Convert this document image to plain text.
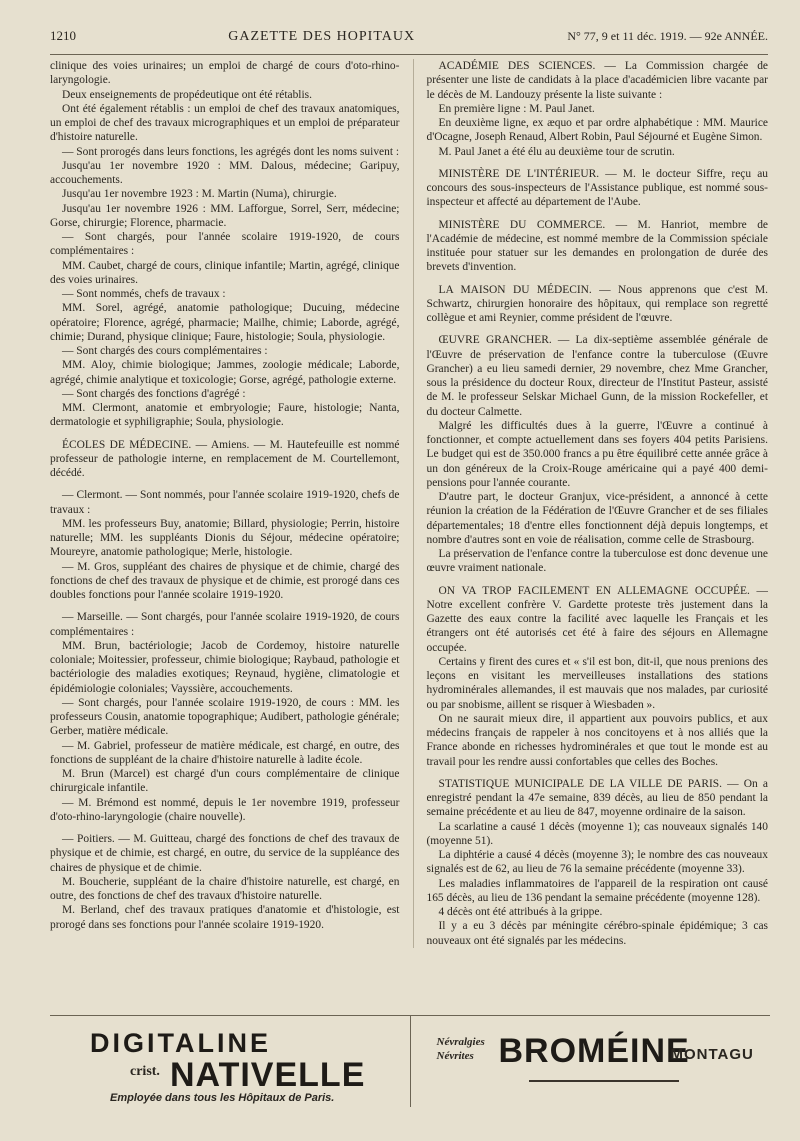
1210	GAZETTE DES HOPITAUX	N° 77, 9 et 11 déc. 1919. — 92e ANNÉE.

clinique des voies urinaires; un emploi de chargé de cours d'oto-rhino-laryngologie.

Deux enseignements de propédeutique ont été rétablis.

Ont été également rétablis : un emploi de chef des travaux anatomiques, un emploi de chef des travaux micrographiques et un emploi de préparateur d'histoire naturelle.

— Sont prorogés dans leurs fonctions, les agrégés dont les noms suivent :

Jusqu'au 1er novembre 1920 : MM. Dalous, médecine; Garipuy, accouchements.

Jusqu'au 1er novembre 1923 : M. Martin (Numa), chirurgie.

Jusqu'au 1er novembre 1926 : MM. Lafforgue, Sorrel, Serr, médecine; Gorse, chirurgie; Florence, pharmacie.

— Sont chargés, pour l'année scolaire 1919-1920, de cours complémentaires :

MM. Caubet, chargé de cours, clinique infantile; Martin, agrégé, clinique des voies urinaires.

— Sont nommés, chefs de travaux :

MM. Sorel, agrégé, anatomie pathologique; Ducuing, médecine opératoire; Florence, agrégé, pharmacie; Mailhe, chimie; Laborde, agrégé, chimie; Durand, physique clinique; Faure, histologie; Soula, physiologie.

— Sont chargés des cours complémentaires :

MM. Aloy, chimie biologique; Jammes, zoologie médicale; Laborde, agrégé, chimie analytique et toxicologie; Gorse, agrégé, pathologie externe.

— Sont chargés des fonctions d'agrégé :

MM. Clermont, anatomie et embryologie; Faure, histologie; Nanta, dermatologie et syphiligraphie; Soula, physiologie.

ÉCOLES DE MÉDECINE. — Amiens. — M. Hautefeuille est nommé professeur de pathologie interne, en remplacement de M. Courtellemont, décédé.

— Clermont. — Sont nommés, pour l'année scolaire 1919-1920, chefs de travaux :

MM. les professeurs Buy, anatomie; Billard, physiologie; Perrin, histoire naturelle; MM. les suppléants Dionis du Séjour, médecine opératoire; Moureyre, anatomie pathologique; Merle, histologie.

— M. Gros, suppléant des chaires de physique et de chimie, chargé des fonctions de chef des travaux de physique et de chimie, est prorogé dans ces doubles fonctions pour l'année scolaire 1919-1920.

— Marseille. — Sont chargés, pour l'année scolaire 1919-1920, de cours complémentaires :

MM. Brun, bactériologie; Jacob de Cordemoy, histoire naturelle coloniale; Moitessier, professeur, chimie biologique; Raybaud, pathologie et bactériologie des maladies exotiques; Reynaud, hygiène, climatologie et épidémiologie coloniales; Vayssière, accouchements.

— Sont chargés, pour l'année scolaire 1919-1920, de cours : MM. les professeurs Cousin, anatomie topographique; Audibert, pathologie générale; Gerber, matière médicale.

— M. Gabriel, professeur de matière médicale, est chargé, en outre, des fonctions de suppléant de la chaire d'histoire naturelle à ladite école.

M. Brun (Marcel) est chargé d'un cours complémentaire de clinique chirurgicale infantile.

— M. Brémond est nommé, depuis le 1er novembre 1919, professeur d'oto-rhino-laryngologie (chaire nouvelle).

— Poitiers. — M. Guitteau, chargé des fonctions de chef des travaux de physique et de chimie, est chargé, en outre, du service de la suppléance des chaires de physique et de chimie.

M. Boucherie, suppléant de la chaire d'histoire naturelle, est chargé, en outre, des fonctions de chef des travaux d'histoire naturelle.

M. Berland, chef des travaux pratiques d'anatomie et d'histologie, est prorogé dans ses fonctions pour l'année scolaire 1919-1920.

ACADÉMIE DES SCIENCES. — La Commission chargée de présenter une liste de candidats à la place d'académicien libre vacante par le décès de M. Landouzy présente la liste suivante :

En première ligne : M. Paul Janet.

En deuxième ligne, ex æquo et par ordre alphabétique : MM. Maurice d'Ocagne, Joseph Renaud, Albert Robin, Paul Séjourné et Eugène Simon.

M. Paul Janet a été élu au deuxième tour de scrutin.

MINISTÈRE DE L'INTÉRIEUR. — M. le docteur Siffre, reçu au concours des sous-inspecteurs de l'Assistance publique, est nommé sous-inspecteur et affecté au département de l'Aube.

MINISTÈRE DU COMMERCE. — M. Hanriot, membre de l'Académie de médecine, est nommé membre de la Commission spéciale instituée pour statuer sur les demandes en prolongation de durée des brevets d'invention.

LA MAISON DU MÉDECIN. — Nous apprenons que c'est M. Schwartz, chirurgien honoraire des hôpitaux, qui remplace son regretté collègue et ami Reynier, comme président de l'œuvre.

ŒUVRE GRANCHER. — La dix-septième assemblée générale de l'Œuvre de préservation de l'enfance contre la tuberculose (Œuvre Grancher) a eu lieu samedi dernier, 29 novembre, chez Mme Grancher, sous la présidence du docteur Roux, directeur de l'Institut Pasteur, assisté de M. le professeur Selskar Michael Gunn, de la mission Rockefeller, et du docteur Calmette.

Malgré les difficultés dues à la guerre, l'Œuvre a continué à fonctionner, et compte actuellement dans ses foyers 404 petits Parisiens. Le budget qui est de 350.000 francs a pu être équilibré cette année grâce à un don généreux de la Croix-Rouge américaine qui a payé 400 demi-pensions pour l'année courante.

D'autre part, le docteur Granjux, vice-président, a annoncé à cette réunion la création de la Fédération de l'Œuvre Grancher et de ses filiales départementales; 18 d'entre elles fonctionnent déjà depuis longtemps, et nombre d'autres sont en voie de réalisation, comme celle de Strasbourg.

La préservation de l'enfance contre la tuberculose est donc devenue une œuvre vraiment nationale.

ON VA TROP FACILEMENT EN ALLEMAGNE OCCUPÉE. — Notre excellent confrère V. Gardette proteste très justement dans la Gazette des eaux contre la facilité avec laquelle les Français et les étrangers ont été autorisés cet été à faire des séjours en Allemagne occupée.

Certains y firent des cures et « s'il est bon, dit-il, que nous prenions des leçons en visitant les merveilleuses installations des stations hydrominérales allemandes, il est mauvais que nos malades, par curiosité ou par snobisme, aillent se risquer à Wiesbaden ».

On ne saurait mieux dire, il appartient aux pouvoirs publics, et aux médecins français de rappeler à nos concitoyens et à nos alliés que la France abonde en richesses hydrominérales et que tout le monde est au travail pour les rendre aussi confortables que celles des Boches.

STATISTIQUE MUNICIPALE DE LA VILLE DE PARIS. — On a enregistré pendant la 47e semaine, 839 décès, au lieu de 850 pendant la semaine précédente et au lieu de 847, moyenne ordinaire de la saison.

La scarlatine a causé 1 décès (moyenne 1); cas nouveaux signalés 140 (moyenne 51).

La diphtérie a causé 4 décès (moyenne 3); le nombre des cas nouveaux signalés est de 62, au lieu de 76 la semaine précédente (moyenne 33).

Les maladies inflammatoires de l'appareil de la respiration ont causé 165 décès, au lieu de 136 pendant la semaine précédente (moyenne 128).

4 décès ont été attribués à la grippe.

Il y a eu 3 décès par méningite cérébro-spinale épidémique; 3 cas nouveaux ont été signalés par les médecins.

DIGITALINE
crist. NATIVELLE
Employée dans tous les Hôpitaux de Paris.
Névralgies
Névrites BROMÉINE
MONTAGU
